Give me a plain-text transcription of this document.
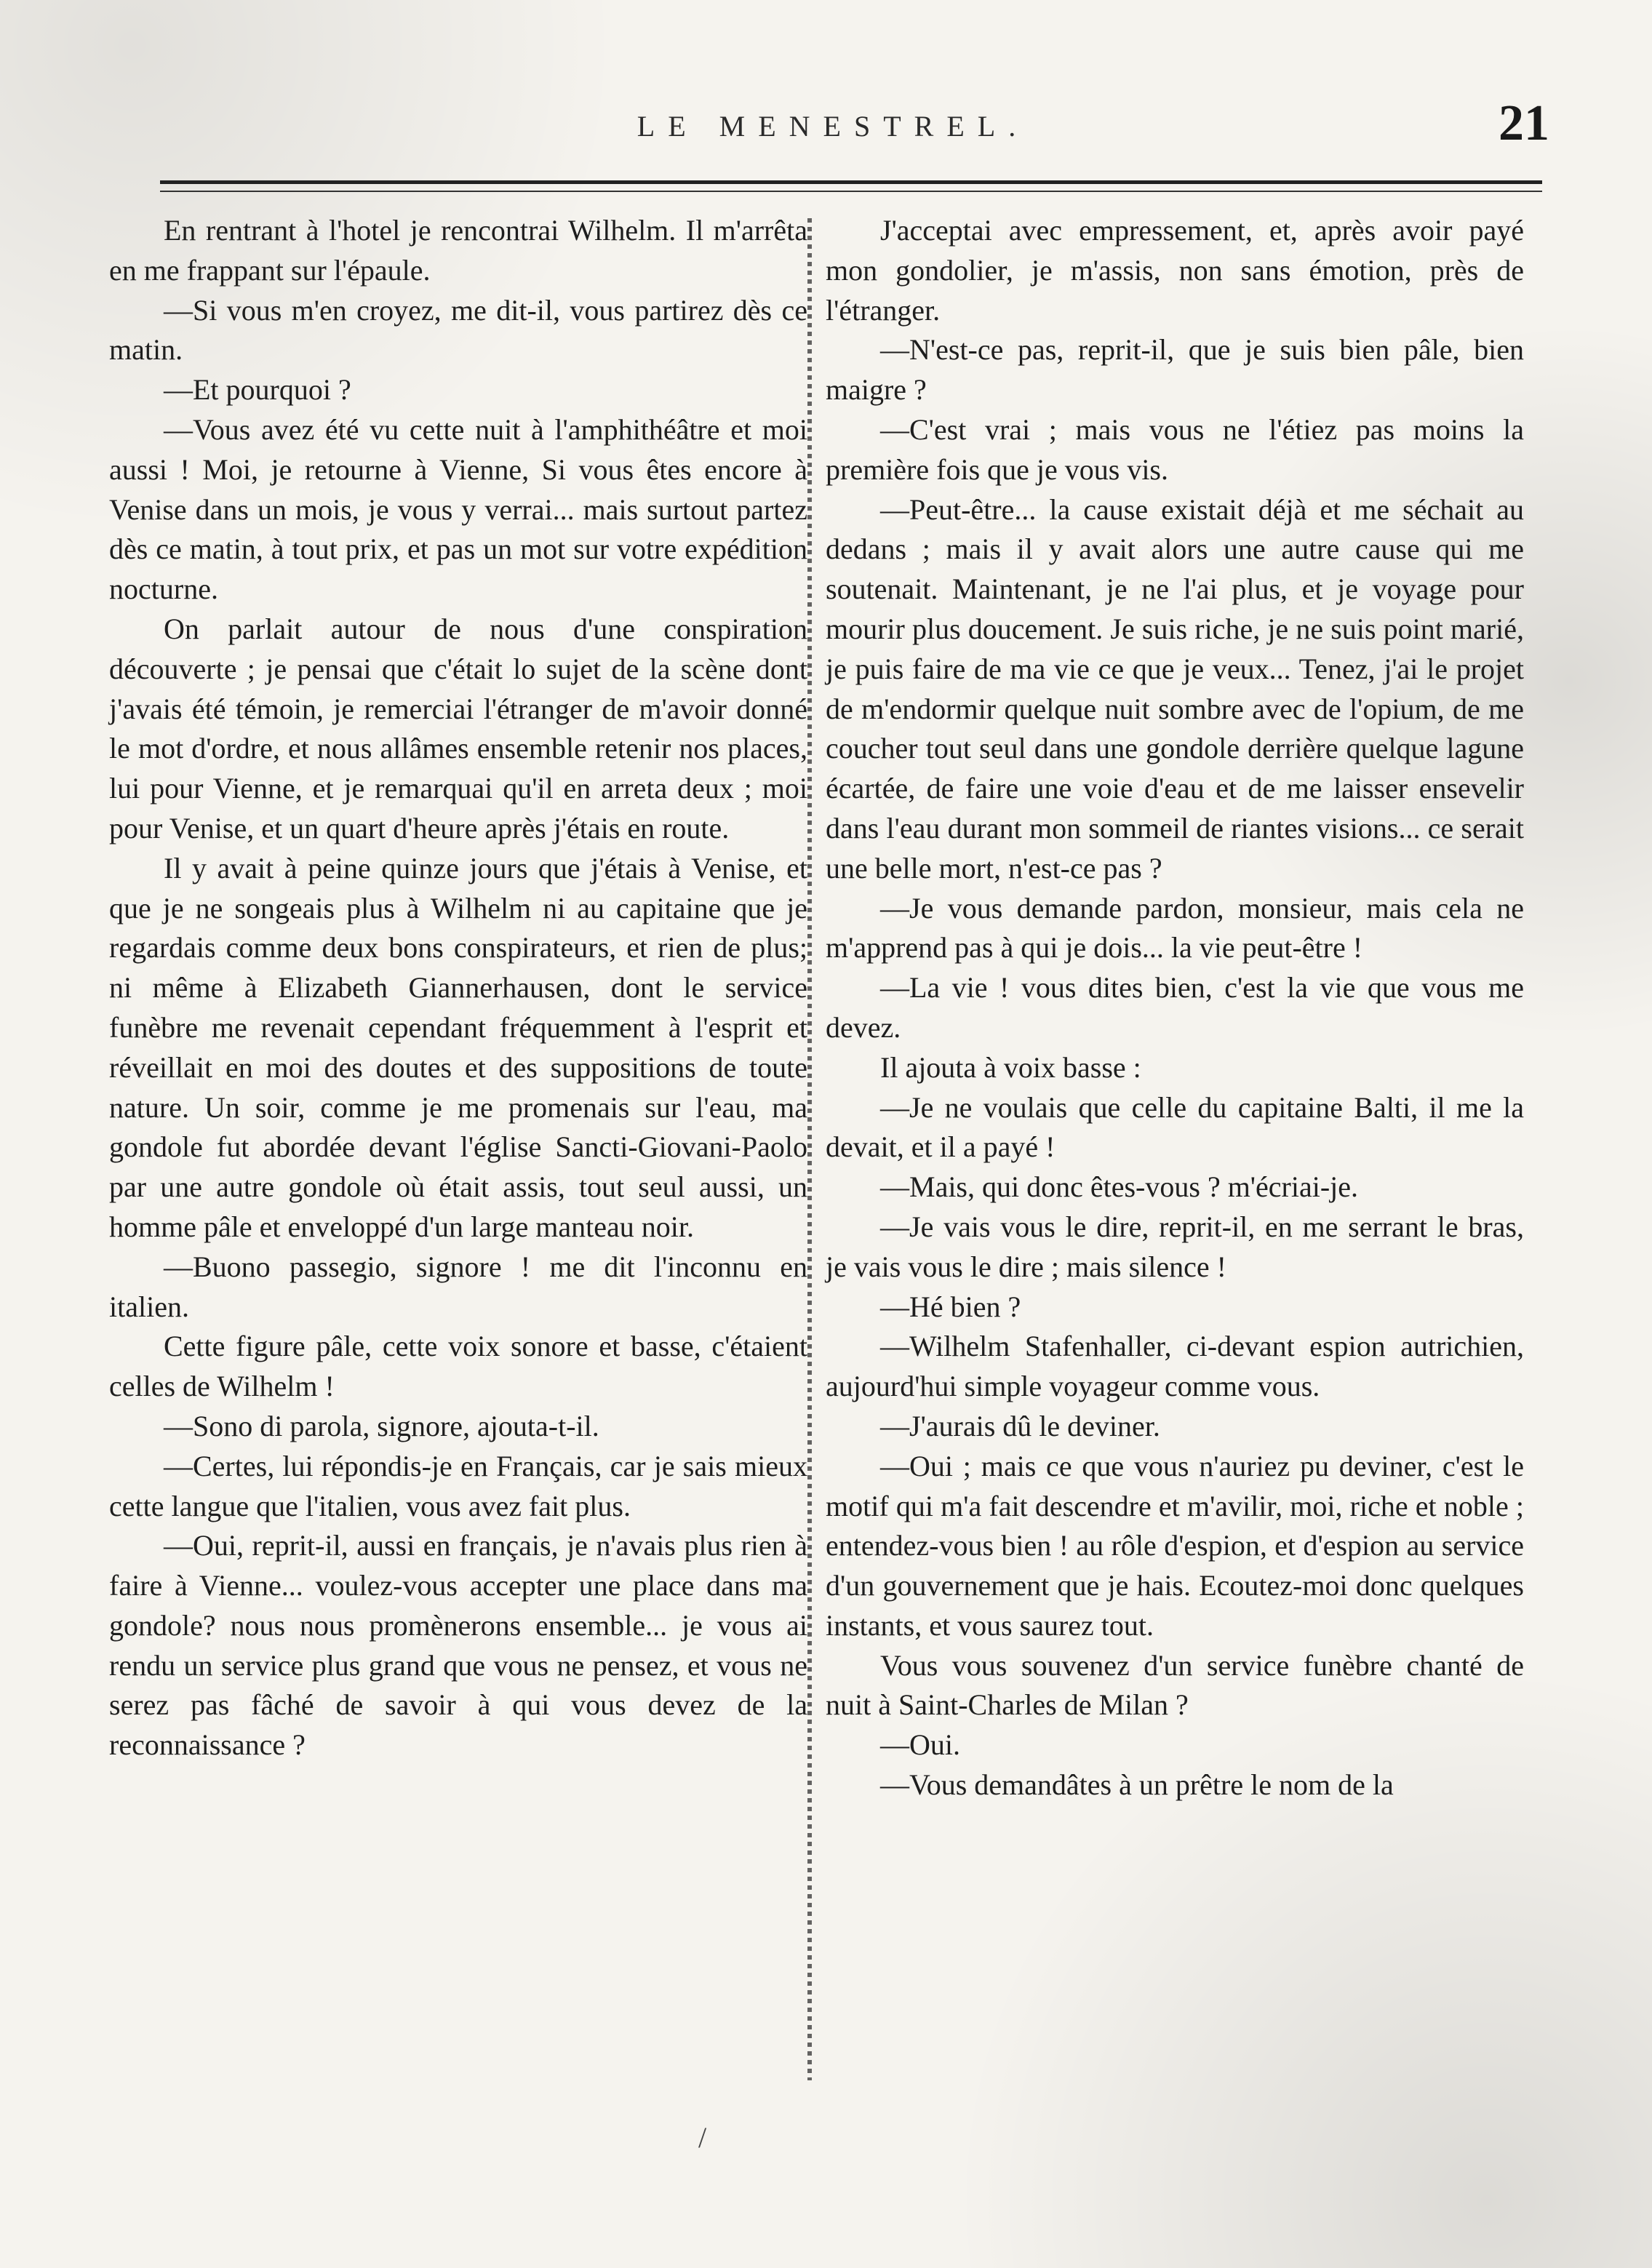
LE MENESTREL.	21

En rentrant à l'hotel je rencontrai Wilhelm. Il m'arrêta en me frappant sur l'épaule.

—Si vous m'en croyez, me dit-il, vous partirez dès ce matin.

—Et pourquoi ?

—Vous avez été vu cette nuit à l'amphithéâtre et moi aussi ! Moi, je retourne à Vienne, Si vous êtes encore à Venise dans un mois, je vous y verrai... mais surtout partez dès ce matin, à tout prix, et pas un mot sur votre expédition nocturne.

On parlait autour de nous d'une conspiration découverte ; je pensai que c'était lo sujet de la scène dont j'avais été témoin, je remerciai l'étranger de m'avoir donné le mot d'ordre, et nous allâmes ensemble retenir nos places, lui pour Vienne, et je remarquai qu'il en arreta deux ; moi pour Venise, et un quart d'heure après j'étais en route.

Il y avait à peine quinze jours que j'étais à Venise, et que je ne songeais plus à Wilhelm ni au capitaine que je regardais comme deux bons conspirateurs, et rien de plus; ni même à Elizabeth Giannerhausen, dont le service funèbre me revenait cependant fréquemment à l'esprit et réveillait en moi des doutes et des suppositions de toute nature. Un soir, comme je me promenais sur l'eau, ma gondole fut abordée devant l'église Sancti-Giovani-Paolo par une autre gondole où était assis, tout seul aussi, un homme pâle et enveloppé d'un large manteau noir.

—Buono passegio, signore ! me dit l'inconnu en italien.

Cette figure pâle, cette voix sonore et basse, c'étaient celles de Wilhelm !

—Sono di parola, signore, ajouta-t-il.

—Certes, lui répondis-je en Français, car je sais mieux cette langue que l'italien, vous avez fait plus.

—Oui, reprit-il, aussi en français, je n'avais plus rien à faire à Vienne... voulez-vous accepter une place dans ma gondole? nous nous promènerons ensemble... je vous ai rendu un service plus grand que vous ne pensez, et vous ne serez pas fâché de savoir à qui vous devez de la reconnaissance ?

J'acceptai avec empressement, et, après avoir payé mon gondolier, je m'assis, non sans émotion, près de l'étranger.

—N'est-ce pas, reprit-il, que je suis bien pâle, bien maigre ?

—C'est vrai ; mais vous ne l'étiez pas moins la première fois que je vous vis.

—Peut-être... la cause existait déjà et me séchait au dedans ; mais il y avait alors une autre cause qui me soutenait. Maintenant, je ne l'ai plus, et je voyage pour mourir plus doucement. Je suis riche, je ne suis point marié, je puis faire de ma vie ce que je veux... Tenez, j'ai le projet de m'endormir quelque nuit sombre avec de l'opium, de me coucher tout seul dans une gondole derrière quelque lagune écartée, de faire une voie d'eau et de me laisser ensevelir dans l'eau durant mon sommeil de riantes visions... ce serait une belle mort, n'est-ce pas ?

—Je vous demande pardon, monsieur, mais cela ne m'apprend pas à qui je dois... la vie peut-être !

—La vie ! vous dites bien, c'est la vie que vous me devez.

Il ajouta à voix basse :

—Je ne voulais que celle du capitaine Balti, il me la devait, et il a payé !

—Mais, qui donc êtes-vous ? m'écriai-je.

—Je vais vous le dire, reprit-il, en me serrant le bras, je vais vous le dire ; mais silence !

—Hé bien ?

—Wilhelm Stafenhaller, ci-devant espion autrichien, aujourd'hui simple voyageur comme vous.

—J'aurais dû le deviner.

—Oui ; mais ce que vous n'auriez pu deviner, c'est le motif qui m'a fait descendre et m'avilir, moi, riche et noble ; entendez-vous bien ! au rôle d'espion, et d'espion au service d'un gouvernement que je hais. Ecoutez-moi donc quelques instants, et vous saurez tout.

Vous vous souvenez d'un service funèbre chanté de nuit à Saint-Charles de Milan ?

—Oui.

—Vous demandâtes à un prêtre le nom de la

/
